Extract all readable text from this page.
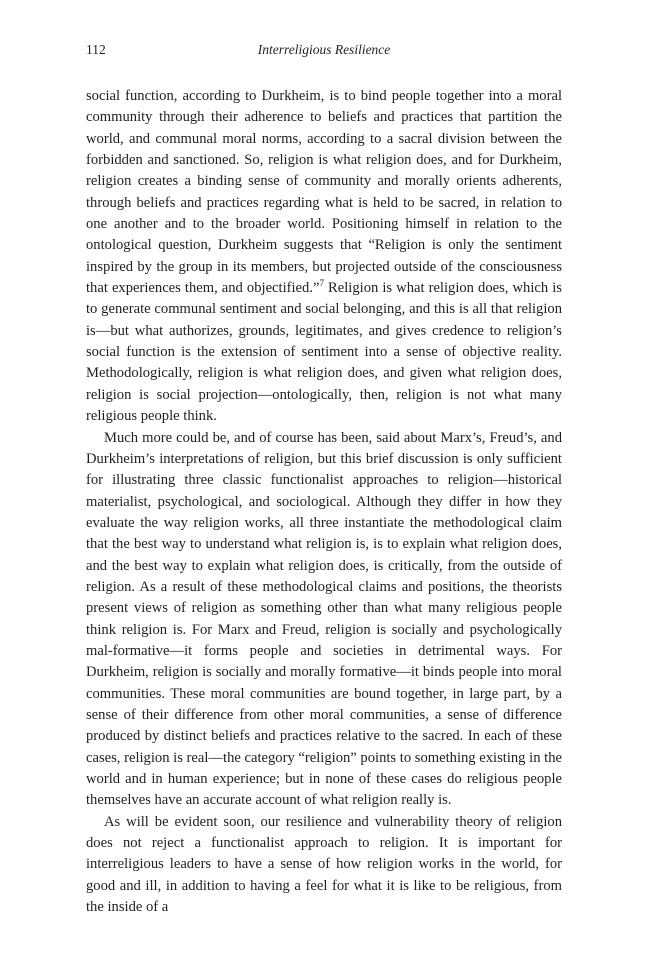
112	Interreligious Resilience

social function, according to Durkheim, is to bind people together into a moral community through their adherence to beliefs and practices that partition the world, and communal moral norms, according to a sacral division between the forbidden and sanctioned. So, religion is what religion does, and for Durkheim, religion creates a binding sense of community and morally orients adherents, through beliefs and practices regarding what is held to be sacred, in relation to one another and to the broader world. Positioning himself in relation to the ontological question, Durkheim suggests that “Religion is only the sentiment inspired by the group in its members, but projected outside of the consciousness that experiences them, and objectified.”$^7$ Religion is what religion does, which is to generate communal sentiment and social belonging, and this is all that religion is—but what authorizes, grounds, legitimates, and gives credence to religion’s social function is the extension of sentiment into a sense of objective reality. Methodologically, religion is what religion does, and given what religion does, religion is social projection—ontologically, then, religion is not what many religious people think.

Much more could be, and of course has been, said about Marx’s, Freud’s, and Durkheim’s interpretations of religion, but this brief discussion is only sufficient for illustrating three classic functionalist approaches to religion—historical materialist, psychological, and sociological. Although they differ in how they evaluate the way religion works, all three instantiate the methodological claim that the best way to understand what religion is, is to explain what religion does, and the best way to explain what religion does, is critically, from the outside of religion. As a result of these methodological claims and positions, the theorists present views of religion as something other than what many religious people think religion is. For Marx and Freud, religion is socially and psychologically mal-formative—it forms people and societies in detrimental ways. For Durkheim, religion is socially and morally formative—it binds people into moral communities. These moral communities are bound together, in large part, by a sense of their difference from other moral communities, a sense of difference produced by distinct beliefs and practices relative to the sacred. In each of these cases, religion is real—the category “religion” points to something existing in the world and in human experience; but in none of these cases do religious people themselves have an accurate account of what religion really is.

As will be evident soon, our resilience and vulnerability theory of religion does not reject a functionalist approach to religion. It is important for interreligious leaders to have a sense of how religion works in the world, for good and ill, in addition to having a feel for what it is like to be religious, from the inside of a
